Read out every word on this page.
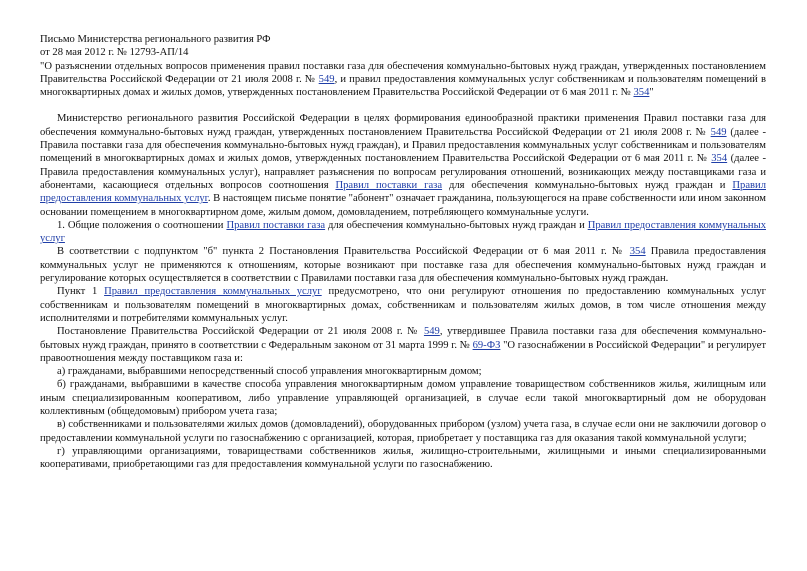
Письмо Министерства регионального развития РФ
от 28 мая 2012 г. № 12793-АП/14
"О разъяснении отдельных вопросов применения правил поставки газа для обеспечения коммунально-бытовых нужд граждан, утвержденных постановлением Правительства Российской Федерации от 21 июля 2008 г. № 549, и правил предоставления коммунальных услуг собственникам и пользователям помещений в многоквартирных домах и жилых домов, утвержденных постановлением Правительства Российской Федерации от 6 мая 2011 г. № 354"

Министерство регионального развития Российской Федерации в целях формирования единообразной практики применения Правил поставки газа для обеспечения коммунально-бытовых нужд граждан, утвержденных постановлением Правительства Российской Федерации от 21 июля 2008 г. № 549 (далее - Правила поставки газа для обеспечения коммунально-бытовых нужд граждан), и Правил предоставления коммунальных услуг собственникам и пользователям помещений в многоквартирных домах и жилых домов, утвержденных постановлением Правительства Российской Федерации от 6 мая 2011 г. № 354 (далее - Правила предоставления коммунальных услуг), направляет разъяснения по вопросам регулирования отношений, возникающих между поставщиками газа и абонентами, касающиеся отдельных вопросов соотношения Правил поставки газа для обеспечения коммунально-бытовых нужд граждан и Правил предоставления коммунальных услуг. В настоящем письме понятие "абонент" означает гражданина, пользующегося на праве собственности или ином законном основании помещением в многоквартирном доме, жилым домом, домовладением, потребляющего коммунальные услуги.

1. Общие положения о соотношении Правил поставки газа для обеспечения коммунально-бытовых нужд граждан и Правил предоставления коммунальных услуг

В соответствии с подпунктом "б" пункта 2 Постановления Правительства Российской Федерации от 6 мая 2011 г. № 354 Правила предоставления коммунальных услуг не применяются к отношениям, которые возникают при поставке газа для обеспечения коммунально-бытовых нужд граждан и регулирование которых осуществляется в соответствии с Правилами поставки газа для обеспечения коммунально-бытовых нужд граждан.

Пункт 1 Правил предоставления коммунальных услуг предусмотрено, что они регулируют отношения по предоставлению коммунальных услуг собственникам и пользователям помещений в многоквартирных домах, собственникам и пользователям жилых домов, в том числе отношения между исполнителями и потребителями коммунальных услуг.

Постановление Правительства Российской Федерации от 21 июля 2008 г. № 549, утвердившее Правила поставки газа для обеспечения коммунально-бытовых нужд граждан, принято в соответствии с Федеральным законом от 31 марта 1999 г. № 69-ФЗ "О газоснабжении в Российской Федерации" и регулирует правоотношения между поставщиком газа и:

а) гражданами, выбравшими непосредственный способ управления многоквартирным домом;

б) гражданами, выбравшими в качестве способа управления многоквартирным домом управление товариществом собственников жилья, жилищным или иным специализированным кооперативом, либо управление управляющей организацией, в случае если такой многоквартирный дом не оборудован коллективным (общедомовым) прибором учета газа;

в) собственниками и пользователями жилых домов (домовладений), оборудованных прибором (узлом) учета газа, в случае если они не заключили договор о предоставлении коммунальной услуги по газоснабжению с организацией, которая, приобретает у поставщика газ для оказания такой коммунальной услуги;

г) управляющими организациями, товариществами собственников жилья, жилищно-строительными, жилищными и иными специализированными кооперативами, приобретающими газ для предоставления коммунальной услуги по газоснабжению.
